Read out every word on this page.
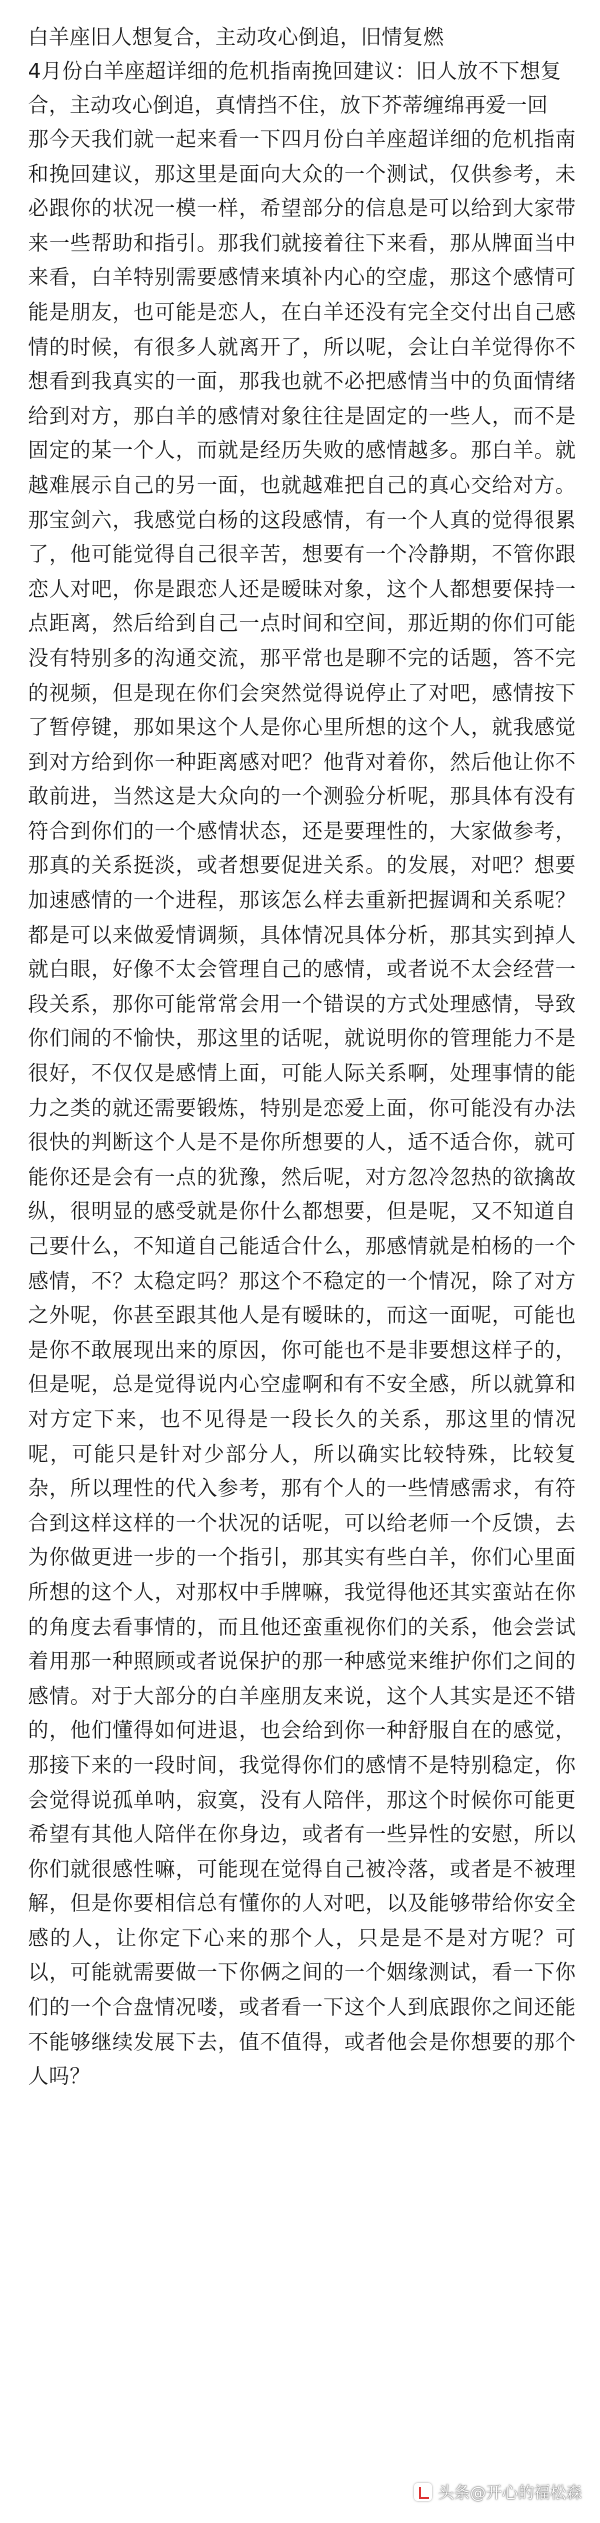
白羊座旧人想复合，主动攻心倒追，旧情复燃

4月份白羊座超详细的危机指南挽回建议：旧人放不下想复合，主动攻心倒追，真情挡不住，放下芥蒂缠绵再爱一回

那今天我们就一起来看一下四月份白羊座超详细的危机指南和挽回建议，那这里是面向大众的一个测试，仅供参考，未必跟你的状况一模一样，希望部分的信息是可以给到大家带来一些帮助和指引。那我们就接着往下来看，那从牌面当中来看，白羊特别需要感情来填补内心的空虚，那这个感情可能是朋友，也可能是恋人，在白羊还没有完全交付出自己感情的时候，有很多人就离开了，所以呢，会让白羊觉得你不想看到我真实的一面，那我也就不必把感情当中的负面情绪给到对方，那白羊的感情对象往往是固定的一些人，而不是固定的某一个人，而就是经历失败的感情越多。那白羊。就越难展示自己的另一面，也就越难把自己的真心交给对方。那宝剑六，我感觉白杨的这段感情，有一个人真的觉得很累了，他可能觉得自己很辛苦，想要有一个冷静期，不管你跟恋人对吧，你是跟恋人还是暧昧对象，这个人都想要保持一点距离，然后给到自己一点时间和空间，那近期的你们可能没有特别多的沟通交流，那平常也是聊不完的话题，答不完的视频，但是现在你们会突然觉得说停止了对吧，感情按下了暂停键，那如果这个人是你心里所想的这个人，就我感觉到对方给到你一种距离感对吧？他背对着你，然后他让你不敢前进，当然这是大众向的一个测验分析呢，那具体有没有符合到你们的一个感情状态，还是要理性的，大家做参考，那真的关系挺淡，或者想要促进关系。的发展，对吧？想要加速感情的一个进程，那该怎么样去重新把握调和关系呢？都是可以来做爱情调频，具体情况具体分析，那其实到掉人就白眼，好像不太会管理自己的感情，或者说不太会经营一段关系，那你可能常常会用一个错误的方式处理感情，导致你们闹的不愉快，那这里的话呢，就说明你的管理能力不是很好，不仅仅是感情上面，可能人际关系啊，处理事情的能力之类的就还需要锻炼，特别是恋爱上面，你可能没有办法很快的判断这个人是不是你所想要的人，适不适合你，就可能你还是会有一点的犹豫，然后呢，对方忽冷忽热的欲擒故纵，很明显的感受就是你什么都想要，但是呢，又不知道自己要什么，不知道自己能适合什么，那感情就是柏杨的一个感情，不？太稳定吗？那这个不稳定的一个情况，除了对方之外呢，你甚至跟其他人是有暧昧的，而这一面呢，可能也是你不敢展现出来的原因，你可能也不是非要想这样子的，但是呢，总是觉得说内心空虚啊和有不安全感，所以就算和对方定下来，也不见得是一段长久的关系，那这里的情况呢，可能只是针对少部分人，所以确实比较特殊，比较复杂，所以理性的代入参考，那有个人的一些情感需求，有符合到这样这样的一个状况的话呢，可以给老师一个反馈，去为你做更进一步的一个指引，那其实有些白羊，你们心里面所想的这个人，对那权中手牌嘛，我觉得他还其实蛮站在你的角度去看事情的，而且他还蛮重视你们的关系，他会尝试着用那一种照顾或者说保护的那一种感觉来维护你们之间的感情。对于大部分的白羊座朋友来说，这个人其实是还不错的，他们懂得如何进退，也会给到你一种舒服自在的感觉，那接下来的一段时间，我觉得你们的感情不是特别稳定，你会觉得说孤单呐，寂寞，没有人陪伴，那这个时候你可能更希望有其他人陪伴在你身边，或者有一些异性的安慰，所以你们就很感性嘛，可能现在觉得自己被冷落，或者是不被理解，但是你要相信总有懂你的人对吧，以及能够带给你安全感的人，让你定下心来的那个人，只是是不是对方呢？可以，可能就需要做一下你俩之间的一个姻缘测试，看一下你们的一个合盘情况喽，或者看一下这个人到底跟你之间还能不能够继续发展下去，值不值得，或者他会是你想要的那个人吗？

头条@开心的福松森
